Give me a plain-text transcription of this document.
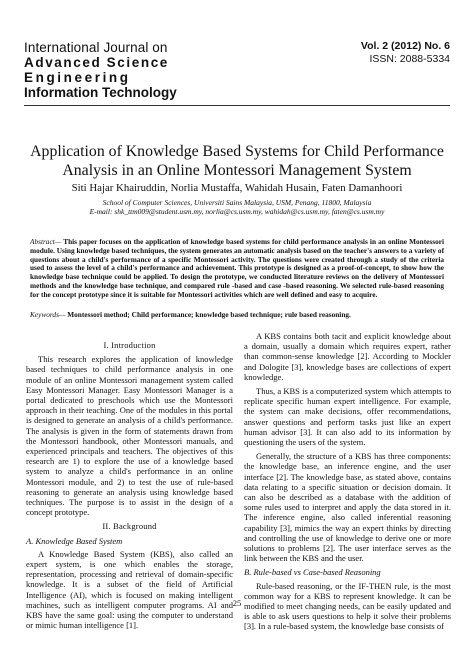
International Journal on
Advanced Science
Engineering
Information Technology
Vol. 2 (2012) No. 6
ISSN: 2088-5334
Application of Knowledge Based Systems for Child Performance Analysis in an Online Montessori Management System
Siti Hajar Khairuddin, Norlia Mustaffa, Wahidah Husain, Faten Damanhoori
School of Computer Sciences, Universiti Sains Malaysia, USM, Penang, 11800, Malaysia
E-mail: shk_ttm009@student.usm.my, norlia@cs.usm.my, wahidah@cs.usm.my, faten@cs.usm.my
Abstract— This paper focuses on the application of knowledge based systems for child performance analysis in an online Montessori module. Using knowledge based techniques, the system generates an automatic analysis based on the teacher's answers to a variety of questions about a child's performance of a specific Montessori activity. The questions were created through a study of the criteria used to assess the level of a child's performance and achievement. This prototype is designed as a proof-of-concept, to show how the knowledge base technique could be applied. To design the prototype, we conducted literature reviews on the delivery of Montessori methods and the knowledge base technique, and compared rule -based and case -based reasoning. We selected rule-based reasoning for the concept prototype since it is suitable for Montessori activities which are well defined and easy to acquire.
Keywords— Montessori method; Child performance; knowledge based technique; rule based reasoning.
I. Introduction

This research explores the application of knowledge based techniques to child performance analysis in one module of an online Montessori management system called Easy Montessori Manager. Easy Montessori Manager is a portal dedicated to preschools which use the Montessori approach in their teaching. One of the modules in this portal is designed to generate an analysis of a child's performance. The analysis is given in the form of statements drawn from the Montessori handbook, other Montessori manuals, and experienced principals and teachers. The objectives of this research are 1) to explore the use of a knowledge based system to analyze a child's performance in an online Montessori module, and 2) to test the use of rule-based reasoning to generate an analysis using knowledge based techniques. The purpose is to assist in the design of a concept prototype.

II. Background
A. Knowledge Based System

A Knowledge Based System (KBS), also called an expert system, is one which enables the storage, representation, processing and retrieval of domain-specific knowledge. It is a subset of the field of Artificial Intelligence (AI), which is focused on making intelligent machines, such as intelligent computer programs. AI and KBS have the same goal: using the computer to understand or mimic human intelligence [1].

A KBS contains both tacit and explicit knowledge about a domain, usually a domain which requires expert, rather than common-sense knowledge [2]. According to Mockler and Dologite [3], knowledge bases are collections of expert knowledge.

Thus, a KBS is a computerized system which attempts to replicate specific human expert intelligence. For example, the system can make decisions, offer recommendations, answer questions and perform tasks just like an expert human advisor [3]. It can also add to its information by questioning the users of the system.

Generally, the structure of a KBS has three components: the knowledge base, an inference engine, and the user interface [2]. The knowledge base, as stated above, contains data relating to a specific situation or decision domain. It can also be described as a database with the addition of some rules used to interpret and apply the data stored in it. The inference engine, also called inferential reasoning capability [3], mimics the way an expert thinks by directing and controlling the use of knowledge to derive one or more solutions to problems [2]. The user interface serves as the link between the KBS and the user.

B. Rule-based vs Case-based Reasoning

Rule-based reasoning, or the IF-THEN rule, is the most common way for a KBS to represent knowledge. It can be modified to meet changing needs, can be easily updated and is able to ask users questions to help it solve their problems [3]. In a rule-based system, the knowledge base consists of

25
